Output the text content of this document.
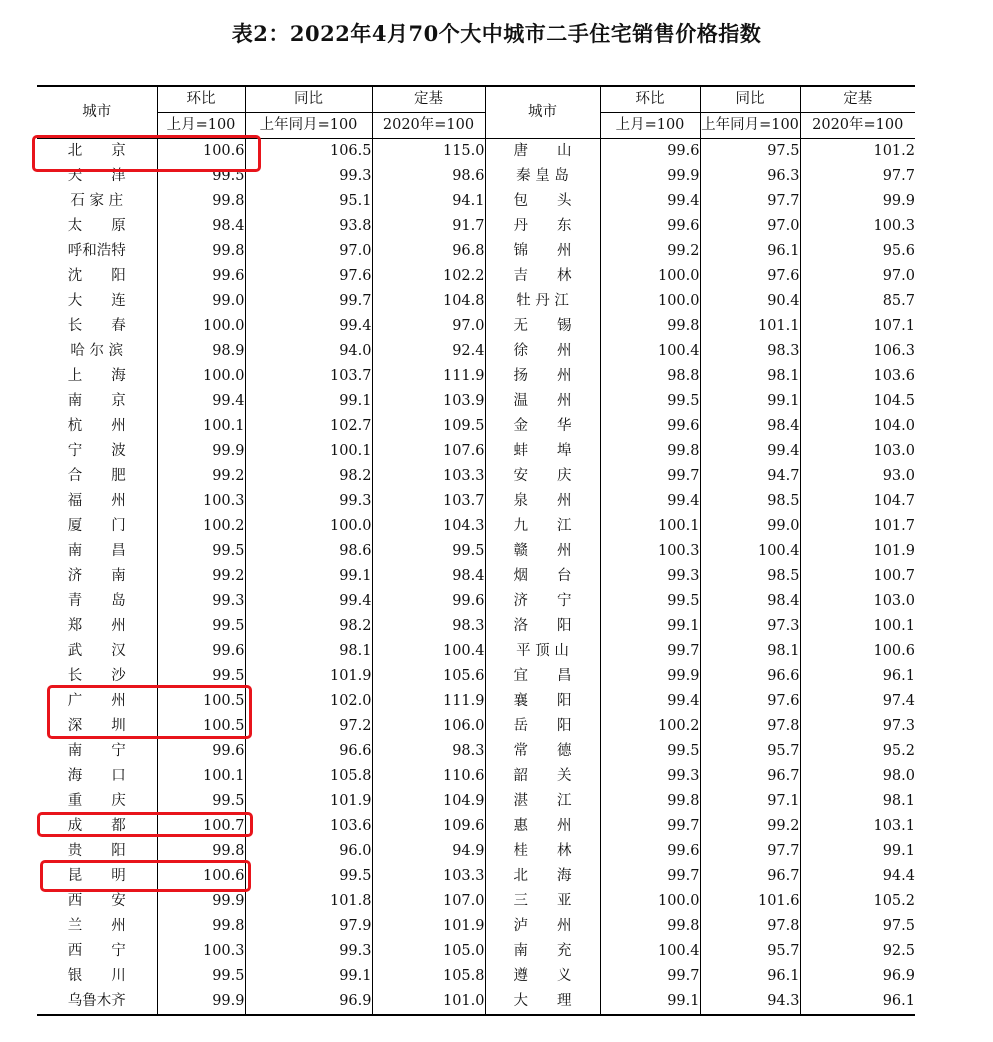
表2：2022年4月70个大中城市二手住宅销售价格指数
城市	环比	同比	定基	城市	环比	同比	定基
	上月=100	上年同月=100	2020年=100		上月=100	上年同月=100	2020年=100
北　　京	100.6	106.5	115.0	唐　　山	99.6	97.5	101.2
天　　津	99.5	99.3	98.6	秦 皇 岛	99.9	96.3	97.7
石 家 庄	99.8	95.1	94.1	包　　头	99.4	97.7	99.9
太　　原	98.4	93.8	91.7	丹　　东	99.6	97.0	100.3
呼和浩特	99.8	97.0	96.8	锦　　州	99.2	96.1	95.6
沈　　阳	99.6	97.6	102.2	吉　　林	100.0	97.6	97.0
大　　连	99.0	99.7	104.8	牡 丹 江	100.0	90.4	85.7
长　　春	100.0	99.4	97.0	无　　锡	99.8	101.1	107.1
哈 尔 滨	98.9	94.0	92.4	徐　　州	100.4	98.3	106.3
上　　海	100.0	103.7	111.9	扬　　州	98.8	98.1	103.6
南　　京	99.4	99.1	103.9	温　　州	99.5	99.1	104.5
杭　　州	100.1	102.7	109.5	金　　华	99.6	98.4	104.0
宁　　波	99.9	100.1	107.6	蚌　　埠	99.8	99.4	103.0
合　　肥	99.2	98.2	103.3	安　　庆	99.7	94.7	93.0
福　　州	100.3	99.3	103.7	泉　　州	99.4	98.5	104.7
厦　　门	100.2	100.0	104.3	九　　江	100.1	99.0	101.7
南　　昌	99.5	98.6	99.5	赣　　州	100.3	100.4	101.9
济　　南	99.2	99.1	98.4	烟　　台	99.3	98.5	100.7
青　　岛	99.3	99.4	99.6	济　　宁	99.5	98.4	103.0
郑　　州	99.5	98.2	98.3	洛　　阳	99.1	97.3	100.1
武　　汉	99.6	98.1	100.4	平 顶 山	99.7	98.1	100.6
长　　沙	99.5	101.9	105.6	宜　　昌	99.9	96.6	96.1
广　　州	100.5	102.0	111.9	襄　　阳	99.4	97.6	97.4
深　　圳	100.5	97.2	106.0	岳　　阳	100.2	97.8	97.3
南　　宁	99.6	96.6	98.3	常　　德	99.5	95.7	95.2
海　　口	100.1	105.8	110.6	韶　　关	99.3	96.7	98.0
重　　庆	99.5	101.9	104.9	湛　　江	99.8	97.1	98.1
成　　都	100.7	103.6	109.6	惠　　州	99.7	99.2	103.1
贵　　阳	99.8	96.0	94.9	桂　　林	99.6	97.7	99.1
昆　　明	100.6	99.5	103.3	北　　海	99.7	96.7	94.4
西　　安	99.9	101.8	107.0	三　　亚	100.0	101.6	105.2
兰　　州	99.8	97.9	101.9	泸　　州	99.8	97.8	97.5
西　　宁	100.3	99.3	105.0	南　　充	100.4	95.7	92.5
银　　川	99.5	99.1	105.8	遵　　义	99.7	96.1	96.9
乌鲁木齐	99.9	96.9	101.0	大　　理	99.1	94.3	96.1
